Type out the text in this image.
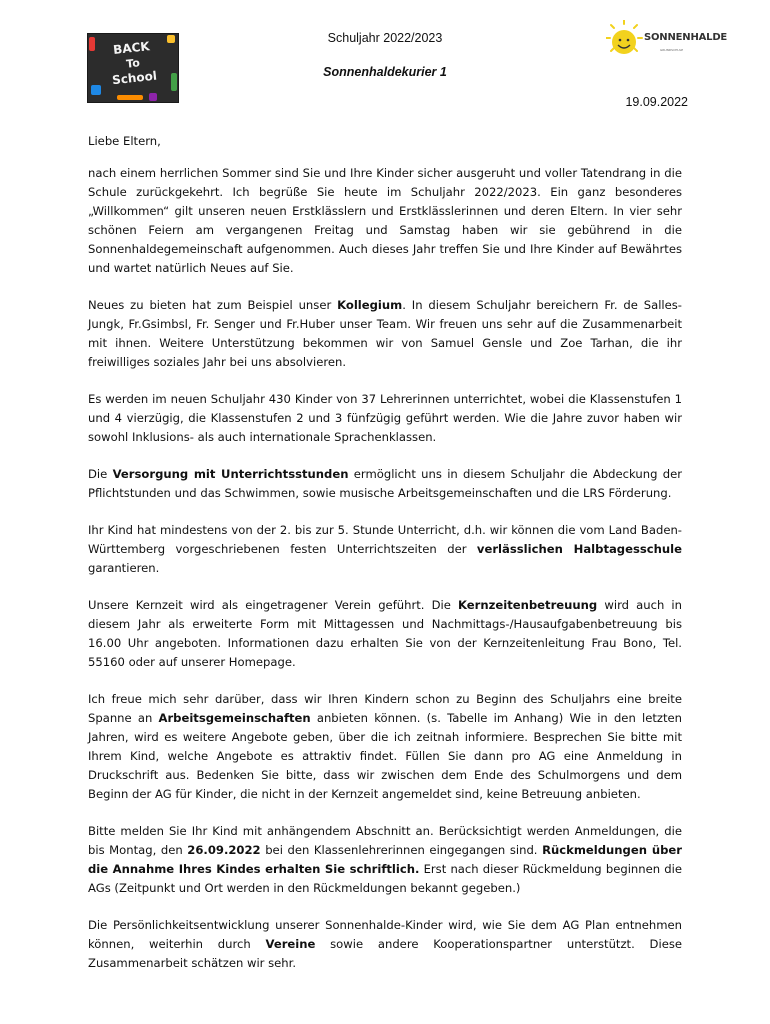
Schuljahr 2022/2023
Sonnenhaldekurier 1
19.09.2022
BACK
To
School
SONNENHALDE
GRUNDSCHULE

Liebe Eltern,

nach einem herrlichen Sommer sind Sie und Ihre Kinder sicher ausgeruht und voller Tatendrang in die Schule zurückgekehrt. Ich begrüße Sie heute im Schuljahr 2022/2023. Ein ganz besonderes „Willkommen“ gilt unseren neuen Erstklässlern und Erstklässlerinnen und deren Eltern. In vier sehr schönen Feiern am vergangenen Freitag und Samstag haben wir sie gebührend in die Sonnenhaldegemeinschaft aufgenommen. Auch dieses Jahr treffen Sie und Ihre Kinder auf Bewährtes und wartet natürlich Neues auf Sie.

Neues zu bieten hat zum Beispiel unser Kollegium. In diesem Schuljahr bereichern Fr. de Salles-Jungk, Fr.Gsimbsl, Fr. Senger und Fr.Huber unser Team. Wir freuen uns sehr auf die Zusammenarbeit mit ihnen. Weitere Unterstützung bekommen wir von Samuel Gensle und Zoe Tarhan, die ihr freiwilliges soziales Jahr bei uns absolvieren.

Es werden im neuen Schuljahr 430 Kinder von 37 Lehrerinnen unterrichtet, wobei die Klassenstufen 1 und 4 vierzügig, die Klassenstufen 2 und 3 fünfzügig geführt werden. Wie die Jahre zuvor haben wir sowohl Inklusions- als auch internationale Sprachenklassen.

Die Versorgung mit Unterrichtsstunden ermöglicht uns in diesem Schuljahr die Abdeckung der Pflichtstunden und das Schwimmen, sowie musische Arbeitsgemeinschaften und die LRS Förderung.

Ihr Kind hat mindestens von der 2. bis zur 5. Stunde Unterricht, d.h. wir können die vom Land Baden-Württemberg vorgeschriebenen festen Unterrichtszeiten der verlässlichen Halbtagesschule garantieren.

Unsere Kernzeit wird als eingetragener Verein geführt. Die Kernzeitenbetreuung wird auch in diesem Jahr als erweiterte Form mit Mittagessen und Nachmittags-/Hausaufgabenbetreuung bis 16.00 Uhr angeboten. Informationen dazu erhalten Sie von der Kernzeitenleitung Frau Bono, Tel. 55160 oder auf unserer Homepage.

Ich freue mich sehr darüber, dass wir Ihren Kindern schon zu Beginn des Schuljahrs eine breite Spanne an Arbeitsgemeinschaften anbieten können. (s. Tabelle im Anhang) Wie in den letzten Jahren, wird es weitere Angebote geben, über die ich zeitnah informiere. Besprechen Sie bitte mit Ihrem Kind, welche Angebote es attraktiv findet. Füllen Sie dann pro AG eine Anmeldung in Druckschrift aus. Bedenken Sie bitte, dass wir zwischen dem Ende des Schulmorgens und dem Beginn der AG für Kinder, die nicht in der Kernzeit angemeldet sind, keine Betreuung anbieten.

Bitte melden Sie Ihr Kind mit anhängendem Abschnitt an. Berücksichtigt werden Anmeldungen, die bis Montag, den 26.09.2022 bei den Klassenlehrerinnen eingegangen sind. Rückmeldungen über die Annahme Ihres Kindes erhalten Sie schriftlich. Erst nach dieser Rückmeldung beginnen die AGs (Zeitpunkt und Ort werden in den Rückmeldungen bekannt gegeben.)

Die Persönlichkeitsentwicklung unserer Sonnenhalde-Kinder wird, wie Sie dem AG Plan entnehmen können, weiterhin durch Vereine sowie andere Kooperationspartner unterstützt. Diese Zusammenarbeit schätzen wir sehr.
